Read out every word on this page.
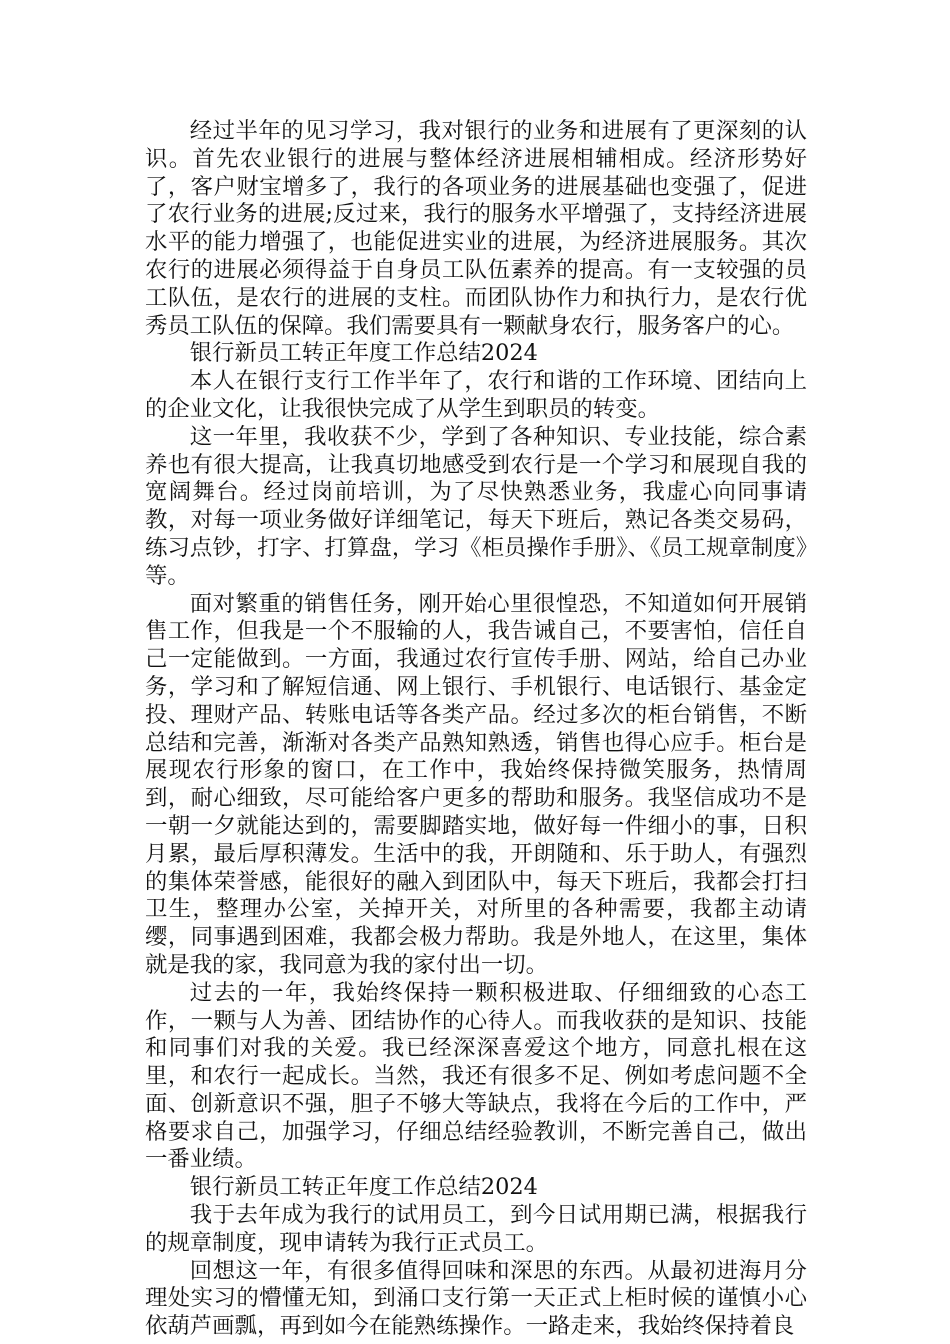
经过半年的见习学习，我对银行的业务和进展有了更深刻的认识。首先农业银行的进展与整体经济进展相辅相成。经济形势好了，客户财宝增多了，我行的各项业务的进展基础也变强了，促进了农行业务的进展;反过来，我行的服务水平增强了，支持经济进展水平的能力增强了，也能促进实业的进展，为经济进展服务。其次农行的进展必须得益于自身员工队伍素养的提高。有一支较强的员工队伍，是农行的进展的支柱。而团队协作力和执行力，是农行优秀员工队伍的保障。我们需要具有一颗献身农行，服务客户的心。

银行新员工转正年度工作总结2024

本人在银行支行工作半年了，农行和谐的工作环境、团结向上的企业文化，让我很快完成了从学生到职员的转变。

这一年里，我收获不少，学到了各种知识、专业技能，综合素养也有很大提高，让我真切地感受到农行是一个学习和展现自我的宽阔舞台。经过岗前培训，为了尽快熟悉业务，我虚心向同事请教，对每一项业务做好详细笔记，每天下班后，熟记各类交易码，练习点钞，打字、打算盘，学习《柜员操作手册》、《员工规章制度》等。

面对繁重的销售任务，刚开始心里很惶恐，不知道如何开展销售工作，但我是一个不服输的人，我告诫自己，不要害怕，信任自己一定能做到。一方面，我通过农行宣传手册、网站，给自己办业务，学习和了解短信通、网上银行、手机银行、电话银行、基金定投、理财产品、转账电话等各类产品。经过多次的柜台销售，不断总结和完善，渐渐对各类产品熟知熟透，销售也得心应手。柜台是展现农行形象的窗口，在工作中，我始终保持微笑服务，热情周到，耐心细致，尽可能给客户更多的帮助和服务。我坚信成功不是一朝一夕就能达到的，需要脚踏实地，做好每一件细小的事，日积月累，最后厚积薄发。生活中的我，开朗随和、乐于助人，有强烈的集体荣誉感，能很好的融入到团队中，每天下班后，我都会打扫卫生，整理办公室，关掉开关，对所里的各种需要，我都主动请缨，同事遇到困难，我都会极力帮助。我是外地人，在这里，集体就是我的家，我同意为我的家付出一切。

过去的一年，我始终保持一颗积极进取、仔细细致的心态工作，一颗与人为善、团结协作的心待人。而我收获的是知识、技能和同事们对我的关爱。我已经深深喜爱这个地方，同意扎根在这里，和农行一起成长。当然，我还有很多不足、例如考虑问题不全面、创新意识不强，胆子不够大等缺点，我将在今后的工作中，严格要求自己，加强学习，仔细总结经验教训，不断完善自己，做出一番业绩。

银行新员工转正年度工作总结2024

我于去年成为我行的试用员工，到今日试用期已满，根据我行的规章制度，现申请转为我行正式员工。

回想这一年，有很多值得回味和深思的东西。从最初进海月分理处实习的懵懂无知，到涌口支行第一天正式上柜时候的谨慎小心依葫芦画瓢，再到如今在能熟练操作。一路走来，我始终保持着良
